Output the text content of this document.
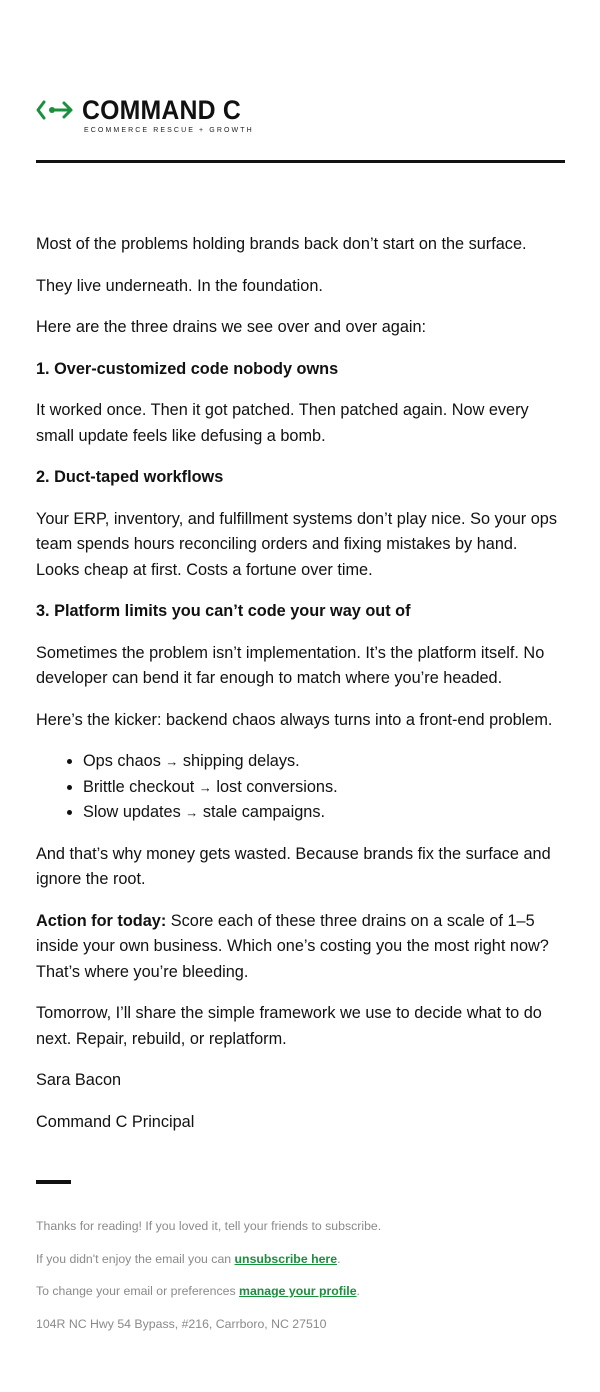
COMMAND C
ECOMMERCE RESCUE + GROWTH

Most of the problems holding brands back don’t start on the surface.

They live underneath. In the foundation.

Here are the three drains we see over and over again:

1. Over-customized code nobody owns

It worked once. Then it got patched. Then patched again. Now every small update feels like defusing a bomb.

2. Duct-taped workflows

Your ERP, inventory, and fulfillment systems don’t play nice. So your ops team spends hours reconciling orders and fixing mistakes by hand. Looks cheap at first. Costs a fortune over time.

3. Platform limits you can’t code your way out of

Sometimes the problem isn’t implementation. It’s the platform itself. No developer can bend it far enough to match where you’re headed.

Here’s the kicker: backend chaos always turns into a front-end problem.

• Ops chaos → shipping delays.
• Brittle checkout → lost conversions.
• Slow updates → stale campaigns.

And that’s why money gets wasted. Because brands fix the surface and ignore the root.

Action for today: Score each of these three drains on a scale of 1–5 inside your own business. Which one’s costing you the most right now? That’s where you’re bleeding.

Tomorrow, I’ll share the simple framework we use to decide what to do next. Repair, rebuild, or replatform.

Sara Bacon

Command C Principal

Thanks for reading! If you loved it, tell your friends to subscribe.

If you didn't enjoy the email you can unsubscribe here.

To change your email or preferences manage your profile.

104R NC Hwy 54 Bypass, #216, Carrboro, NC 27510
